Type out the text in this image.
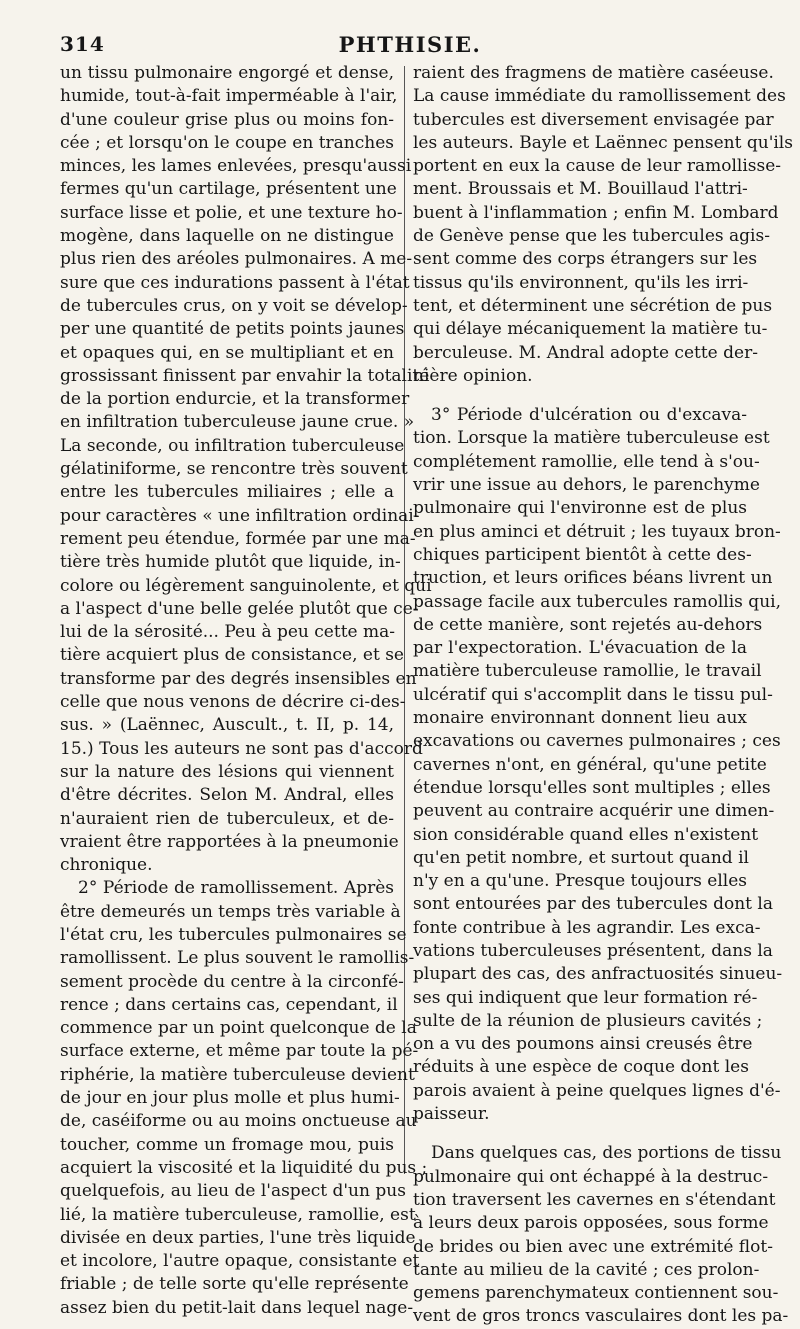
314	PHTHISIE.
un tissu pulmonaire engorgé et dense,
humide, tout-à-fait imperméable à l'air,
d'une couleur grise plus ou moins fon-
cée ; et lorsqu'on le coupe en tranches
minces, les lames enlevées, presqu'aussi
fermes qu'un cartilage, présentent une
surface lisse et polie, et une texture ho-
mogène, dans laquelle on ne distingue
plus rien des aréoles pulmonaires. A me-
sure que ces indurations passent à l'état
de tubercules crus, on y voit se dévelop-
per une quantité de petits points jaunes
et opaques qui, en se multipliant et en
grossissant finissent par envahir la totalité
de la portion endurcie, et la transformer
en infiltration tuberculeuse jaune crue. »
La seconde, ou infiltration tuberculeuse
gélatiniforme, se rencontre très souvent
entre les tubercules miliaires ; elle a
pour caractères « une infiltration ordinai-
rement peu étendue, formée par une ma-
tière très humide plutôt que liquide, in-
colore ou légèrement sanguinolente, et qui
a l'aspect d'une belle gelée plutôt que ce-
lui de la sérosité... Peu à peu cette ma-
tière acquiert plus de consistance, et se
transforme par des degrés insensibles en
celle que nous venons de décrire ci-des-
sus. » (Laënnec, Auscult., t. II, p. 14,
15.) Tous les auteurs ne sont pas d'accord
sur la nature des lésions qui viennent
d'être décrites. Selon M. Andral, elles
n'auraient rien de tuberculeux, et de-
vraient être rapportées à la pneumonie
chronique.
2° Période de ramollissement. Après
être demeurés un temps très variable à
l'état cru, les tubercules pulmonaires se
ramollissent. Le plus souvent le ramollis-
sement procède du centre à la circonfé-
rence ; dans certains cas, cependant, il
commence par un point quelconque de la
surface externe, et même par toute la pé-
riphérie, la matière tuberculeuse devient
de jour en jour plus molle et plus humi-
de, caséiforme ou au moins onctueuse au
toucher, comme un fromage mou, puis
acquiert la viscosité et la liquidité du pus ;
quelquefois, au lieu de l'aspect d'un pus
lié, la matière tuberculeuse, ramollie, est
divisée en deux parties, l'une très liquide
et incolore, l'autre opaque, consistante et
friable ; de telle sorte qu'elle représente
assez bien du petit-lait dans lequel nage-
raient des fragmens de matière caséeuse.
La cause immédiate du ramollissement des
tubercules est diversement envisagée par
les auteurs. Bayle et Laënnec pensent qu'ils
portent en eux la cause de leur ramollisse-
ment. Broussais et M. Bouillaud l'attri-
buent à l'inflammation ; enfin M. Lombard
de Genève pense que les tubercules agis-
sent comme des corps étrangers sur les
tissus qu'ils environnent, qu'ils les irri-
tent, et déterminent une sécrétion de pus
qui délaye mécaniquement la matière tu-
berculeuse. M. Andral adopte cette der-
nière opinion.
3° Période d'ulcération ou d'excava-
tion. Lorsque la matière tuberculeuse est
complétement ramollie, elle tend à s'ou-
vrir une issue au dehors, le parenchyme
pulmonaire qui l'environne est de plus
en plus aminci et détruit ; les tuyaux bron-
chiques participent bientôt à cette des-
truction, et leurs orifices béans livrent un
passage facile aux tubercules ramollis qui,
de cette manière, sont rejetés au-dehors
par l'expectoration. L'évacuation de la
matière tuberculeuse ramollie, le travail
ulcératif qui s'accomplit dans le tissu pul-
monaire environnant donnent lieu aux
excavations ou cavernes pulmonaires ; ces
cavernes n'ont, en général, qu'une petite
étendue lorsqu'elles sont multiples ; elles
peuvent au contraire acquérir une dimen-
sion considérable quand elles n'existent
qu'en petit nombre, et surtout quand il
n'y en a qu'une. Presque toujours elles
sont entourées par des tubercules dont la
fonte contribue à les agrandir. Les exca-
vations tuberculeuses présentent, dans la
plupart des cas, des anfractuosités sinueu-
ses qui indiquent que leur formation ré-
sulte de la réunion de plusieurs cavités ;
on a vu des poumons ainsi creusés être
réduits à une espèce de coque dont les
parois avaient à peine quelques lignes d'é-
paisseur.
Dans quelques cas, des portions de tissu
pulmonaire qui ont échappé à la destruc-
tion traversent les cavernes en s'étendant
à leurs deux parois opposées, sous forme
de brides ou bien avec une extrémité flot-
tante au milieu de la cavité ; ces prolon-
gemens parenchymateux contiennent sou-
vent de gros troncs vasculaires dont les pa-
